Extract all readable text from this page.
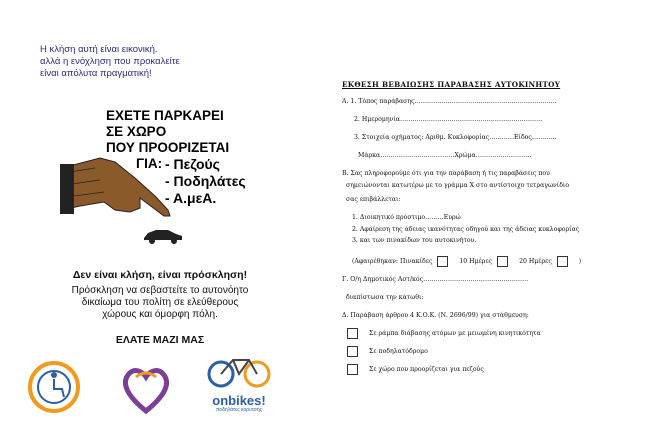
Η κλήση αυτή είναι εικονική.
αλλά η ενόχληση που προκαλείτε
είναι απόλυτα πραγματική!
ΕΧΕΤΕ ΠΑΡΚΑΡΕΙ
ΣΕ ΧΩΡΟ
ΠΟΥ ΠΡΟΟΡΙΖΕΤΑΙ
ΓΙΑ: - Πεζούς
- Ποδηλάτες
- Α.μεΑ.
Δεν είναι κλήση, είναι πρόσκληση!
Πρόσκληση να σεβαστείτε το αυτονόητο
δικαίωμα του πολίτη σε ελεύθερους
χώρους και όμορφη πόλη.
ΕΛΑΤΕ ΜΑΖΙ ΜΑΣ
onbikes!
ποδηλάτες κορυτσής
ΕΚΘΕΣΗ ΒΕΒΑΙΩΣΗΣ ΠΑΡΑΒΑΣΗΣ ΑΥΤΟΚΙΝΗΤΟΥ
Α. 1. Τόπος παράβασης……………………………………………………………
2. Ημερομηνία……………………………………………………………
3. Στοιχεία οχήματος: Αριθμ. Κυκλοφορίας…………Είδος…………
Μάρκα………………………………Χρώμα………………………
Β. Σας πληροφορούμε ότι για την παράβαση ή τις παραβάσεις που
σημειώνονται κατωτέρω με το γράμμα Χ στο αντίστοιχο τετραγωνίδιο
σας επιβάλλεται:
1. Διοικητικό πρόστιμο………Ευρώ
2. Αφαίρεση της άδειας ικανότητας οδηγού και της άδειας κυκλοφορίας
3. και των πινακίδων του αυτοκινήτου.
(Αφαιρέθηκαν: Πινακίδες	10 Ημέρες	20 Ημέρες	)
Γ. Ο/η Δημοτικός Αστ/κός……………………………………………
διαπίστωσα την κάτωθι:
Δ. Παράβαση άρθρου 4 Κ.Ο.Κ. (Ν. 2696/99) για στάθμευση:
Σε ράμπα διάβασης ατόμων με μειωμένη κινητικότητα
Σε ποδηλατόδρομο
Σε χώρο που προορίζεται για πεζούς
